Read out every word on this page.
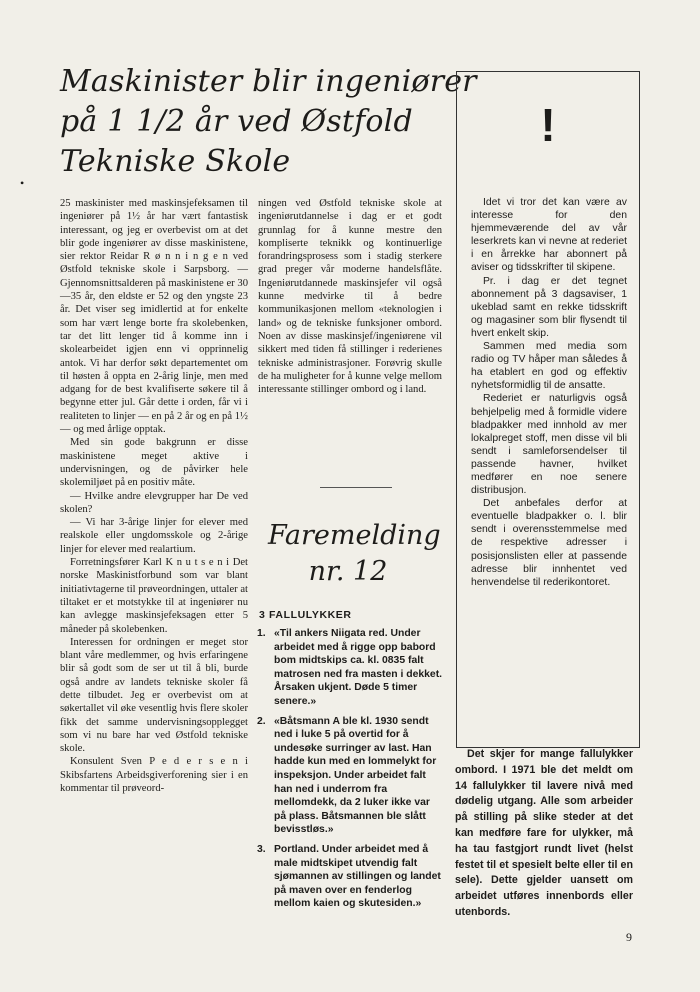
Maskinister blir ingeniører
på 1 1/2 år ved Østfold
Tekniske Skole
•

25 maskinister med maskinsjefeksamen til ingeniører på 1½ år har vært fantastisk interessant, og jeg er overbevist om at det blir gode ingeniører av disse maskinistene, sier rektor Reidar R ø n n i n g e n ved Østfold tekniske skole i Sarpsborg. — Gjennomsnittsalderen på maskinistene er 30—35 år, den eldste er 52 og den yngste 23 år. Det viser seg imidlertid at for enkelte som har vært lenge borte fra skolebenken, tar det litt lenger tid å komme inn i skolearbeidet igjen enn vi opprinnelig antok. Vi har derfor søkt departementet om til høsten å oppta en 2-årig linje, men med adgang for de best kvalifiserte søkere til å begynne etter jul. Går dette i orden, får vi i realiteten to linjer — en på 2 år og en på 1½ — og med årlige opptak.

Med sin gode bakgrunn er disse maskinistene meget aktive i undervisningen, og de påvirker hele skolemiljøet på en positiv måte.

— Hvilke andre elevgrupper har De ved skolen?

— Vi har 3-årige linjer for elever med realskole eller ungdomsskole og 2-årige linjer for elever med realartium.

Forretningsfører Karl K n u t s e n i Det norske Maskinistforbund som var blant initiativtagerne til prøveordningen, uttaler at tiltaket er et motstykke til at ingeniører nu kan avlegge maskinsjefeksagen etter 5 måneder på skolebenken.

Interessen for ordningen er meget stor blant våre medlemmer, og hvis erfaringene blir så godt som de ser ut til å bli, burde også andre av landets tekniske skoler få dette tilbudet. Jeg er overbevist om at søkertallet vil øke vesentlig hvis flere skoler fikk det samme undervisningsopplegget som vi nu bare har ved Østfold tekniske skole.

Konsulent Sven P e d e r s e n i Skibsfartens Arbeidsgiverforening sier i en kommentar til prøveord-

ningen ved Østfold tekniske skole at ingeniørutdannelse i dag er et godt grunnlag for å kunne mestre den kompliserte teknikk og kontinuerlige forandringsprosess som i stadig sterkere grad preger vår moderne handelsflåte. Ingeniørutdannede maskinsjefer vil også kunne medvirke til å bedre kommunikasjonen mellom «teknologien i land» og de tekniske funksjoner ombord. Noen av disse maskinsjef/ingeniørene vil sikkert med tiden få stillinger i rederienes tekniske administrasjoner. Forøvrig skulle de ha muligheter for å kunne velge mellom interessante stillinger ombord og i land.

Faremelding
nr. 12
3 FALLULYKKER
1. «Til ankers Niigata red. Under arbeidet med å rigge opp babord bom midtskips ca. kl. 0835 falt matrosen ned fra masten i dekket. Årsaken ukjent. Døde 5 timer senere.»
2. «Båtsmann A ble kl. 1930 sendt ned i luke 5 på overtid for å undesøke surringer av last. Han hadde kun med en lommelykt for inspeksjon. Under arbeidet falt han ned i underrom fra mellomdekk, da 2 luker ikke var på plass. Båtsmannen ble slått bevisstløs.»
3. Portland. Under arbeidet med å male midtskipet utvendig falt sjømannen av stillingen og landet på maven over en fenderlog mellom kaien og skutesiden.»
!

Idet vi tror det kan være av interesse for den hjemmeværende del av vår leserkrets kan vi nevne at rederiet i en årrekke har abonnert på aviser og tidsskrifter til skipene.

Pr. i dag er det tegnet abonnement på 3 dagsaviser, 1 ukeblad samt en rekke tidsskrift og magasiner som blir flysendt til hvert enkelt skip.

Sammen med media som radio og TV håper man således å ha etablert en god og effektiv nyhetsformidlig til de ansatte.

Rederiet er naturligvis også behjelpelig med å formidle videre bladpakker med innhold av mer lokalpreget stoff, men disse vil bli sendt i samleforsendelser til passende havner, hvilket medfører en noe senere distribusjon.

Det anbefales derfor at eventuelle bladpakker o. l. blir sendt i overensstemmelse med de respektive adresser i posisjonslisten eller at passende adresse blir innhentet ved henvendelse til rederikontoret.

Det skjer for mange fallulykker ombord. I 1971 ble det meldt om 14 fallulykker til lavere nivå med dødelig utgang. Alle som arbeider på stilling på slike steder at det kan medføre fare for ulykker, må ha tau fastgjort rundt livet (helst festet til et spesielt belte eller til en sele). Dette gjelder uansett om arbeidet utføres innenbords eller utenbords.

9
